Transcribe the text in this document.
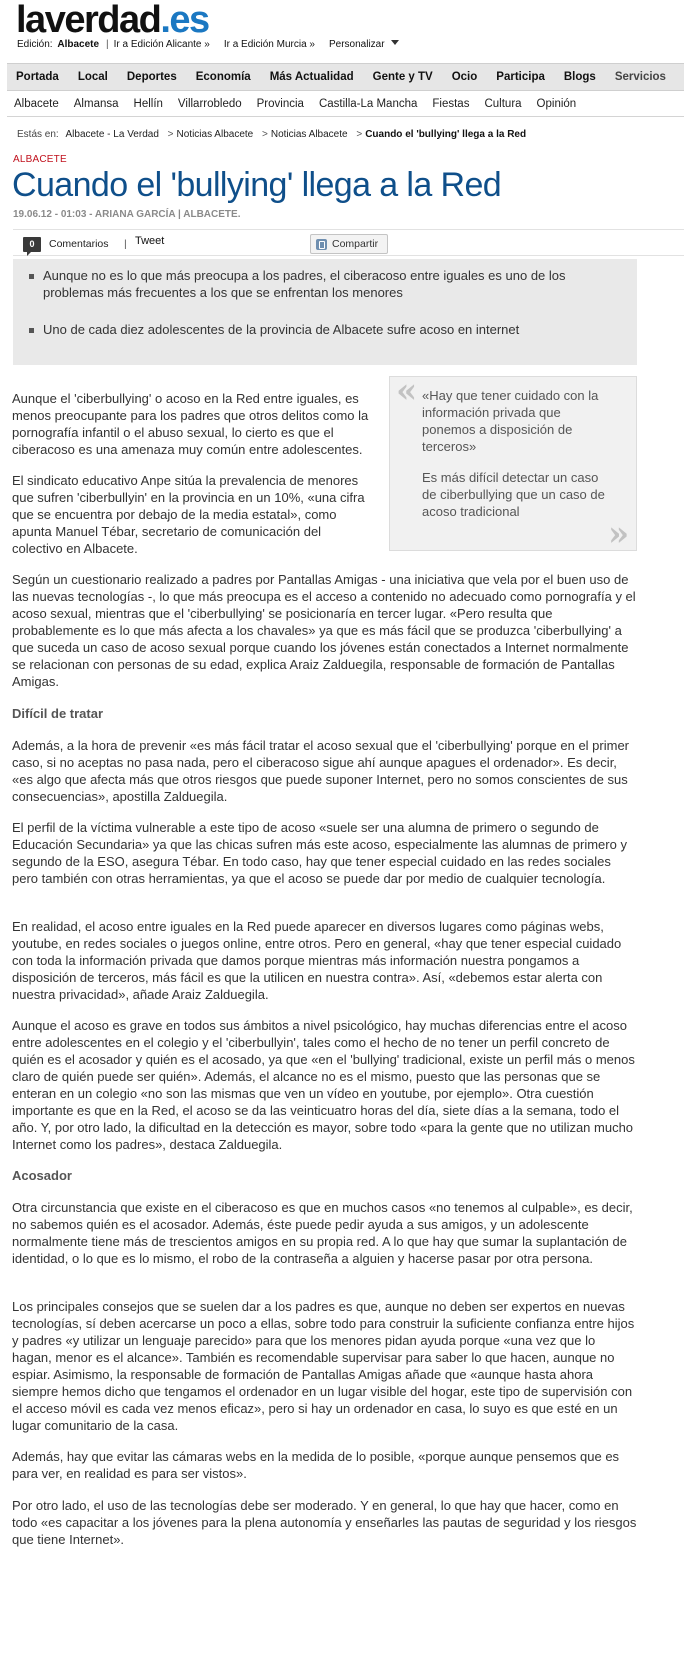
laverdad.es
Edición: Albacete | Ir a Edición Alicante » Ir a Edición Murcia » Personalizar
Portada Local Deportes Economía Más Actualidad Gente y TV Ocio Participa Blogs Servicios
Albacete Almansa Hellín Villarrobledo Provincia Castilla-La Mancha Fiestas Cultura Opinión
Estás en: Albacete - La Verdad > Noticias Albacete > Noticias Albacete > Cuando el 'bullying' llega a la Red
ALBACETE
Cuando el 'bullying' llega a la Red
19.06.12 - 01:03 - ARIANA GARCÍA | ALBACETE.
0	Comentarios | Tweet	Compartir
Aunque no es lo que más preocupa a los padres, el ciberacoso entre iguales es uno de los problemas más frecuentes a los que se enfrentan los menores
Uno de cada diez adolescentes de la provincia de Albacete sufre acoso en internet
« «Hay que tener cuidado con la información privada que ponemos a disposición de terceros»
Es más difícil detectar un caso de ciberbullying que un caso de acoso tradicional
»

Aunque el 'ciberbullying' o acoso en la Red entre iguales, es menos preocupante para los padres que otros delitos como la pornografía infantil o el abuso sexual, lo cierto es que el ciberacoso es una amenaza muy común entre adolescentes.

El sindicato educativo Anpe sitúa la prevalencia de menores que sufren 'ciberbullyin' en la provincia en un 10%, «una cifra que se encuentra por debajo de la media estatal», como apunta Manuel Tébar, secretario de comunicación del colectivo en Albacete.

Según un cuestionario realizado a padres por Pantallas Amigas - una iniciativa que vela por el buen uso de las nuevas tecnologías -, lo que más preocupa es el acceso a contenido no adecuado como pornografía y el acoso sexual, mientras que el 'ciberbullying' se posicionaría en tercer lugar. «Pero resulta que probablemente es lo que más afecta a los chavales» ya que es más fácil que se produzca 'ciberbullying' a que suceda un caso de acoso sexual porque cuando los jóvenes están conectados a Internet normalmente se relacionan con personas de su edad, explica Araiz Zalduegila, responsable de formación de Pantallas Amigas.

Difícil de tratar

Además, a la hora de prevenir «es más fácil tratar el acoso sexual que el 'ciberbullying' porque en el primer caso, si no aceptas no pasa nada, pero el ciberacoso sigue ahí aunque apagues el ordenador». Es decir, «es algo que afecta más que otros riesgos que puede suponer Internet, pero no somos conscientes de sus consecuencias», apostilla Zalduegila.

El perfil de la víctima vulnerable a este tipo de acoso «suele ser una alumna de primero o segundo de Educación Secundaria» ya que las chicas sufren más este acoso, especialmente las alumnas de primero y segundo de la ESO, asegura Tébar. En todo caso, hay que tener especial cuidado en las redes sociales pero también con otras herramientas, ya que el acoso se puede dar por medio de cualquier tecnología.

En realidad, el acoso entre iguales en la Red puede aparecer en diversos lugares como páginas webs, youtube, en redes sociales o juegos online, entre otros. Pero en general, «hay que tener especial cuidado con toda la información privada que damos porque mientras más información nuestra pongamos a disposición de terceros, más fácil es que la utilicen en nuestra contra». Así, «debemos estar alerta con nuestra privacidad», añade Araiz Zalduegila.

Aunque el acoso es grave en todos sus ámbitos a nivel psicológico, hay muchas diferencias entre el acoso entre adolescentes en el colegio y el 'ciberbullyin', tales como el hecho de no tener un perfil concreto de quién es el acosador y quién es el acosado, ya que «en el 'bullying' tradicional, existe un perfil más o menos claro de quién puede ser quién». Además, el alcance no es el mismo, puesto que las personas que se enteran en un colegio «no son las mismas que ven un vídeo en youtube, por ejemplo». Otra cuestión importante es que en la Red, el acoso se da las veinticuatro horas del día, siete días a la semana, todo el año. Y, por otro lado, la dificultad en la detección es mayor, sobre todo «para la gente que no utilizan mucho Internet como los padres», destaca Zalduegila.

Acosador

Otra circunstancia que existe en el ciberacoso es que en muchos casos «no tenemos al culpable», es decir, no sabemos quién es el acosador. Además, éste puede pedir ayuda a sus amigos, y un adolescente normalmente tiene más de trescientos amigos en su propia red. A lo que hay que sumar la suplantación de identidad, o lo que es lo mismo, el robo de la contraseña a alguien y hacerse pasar por otra persona.

Los principales consejos que se suelen dar a los padres es que, aunque no deben ser expertos en nuevas tecnologías, sí deben acercarse un poco a ellas, sobre todo para construir la suficiente confianza entre hijos y padres «y utilizar un lenguaje parecido» para que los menores pidan ayuda porque «una vez que lo hagan, menor es el alcance». También es recomendable supervisar para saber lo que hacen, aunque no espiar. Asimismo, la responsable de formación de Pantallas Amigas añade que «aunque hasta ahora siempre hemos dicho que tengamos el ordenador en un lugar visible del hogar, este tipo de supervisión con el acceso móvil es cada vez menos eficaz», pero si hay un ordenador en casa, lo suyo es que esté en un lugar comunitario de la casa.

Además, hay que evitar las cámaras webs en la medida de lo posible, «porque aunque pensemos que es para ver, en realidad es para ser vistos».

Por otro lado, el uso de las tecnologías debe ser moderado. Y en general, lo que hay que hacer, como en todo «es capacitar a los jóvenes para la plena autonomía y enseñarles las pautas de seguridad y los riesgos que tiene Internet».
